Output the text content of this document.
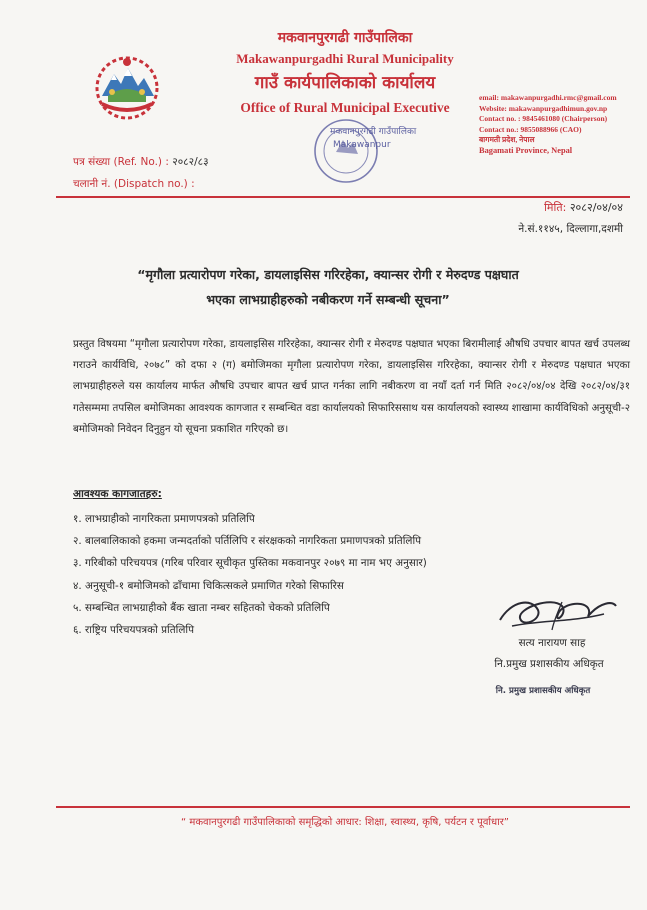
मकवानपुरगढी गाउँपालिका
Makawanpurgadhi Rural Municipality
गाउँ कार्यपालिकाको कार्यालय
Office of Rural Municipal Executive
email: makawanpurgadhi.rmc@gmail.com
Website: makawanpurgadhimun.gov.np
Contact no. : 9845461080 (Chairperson)
Contact no.: 9855088966 (CAO)
बागमती प्रदेश, नेपाल
Bagamati Province, Nepal
मकवानपुरगढी गाउँपालिका
Makawanpur
पत्र संख्या (Ref. No.) : २०८२/८३
चलानी नं. (Dispatch no.) :
मिति: २०८२/०४/०४
ने.सं.११४५, दिल्लागा,दशमी
“मृगौला प्रत्यारोपण गरेका, डायलाइसिस गरिरहेका, क्यान्सर रोगी र मेरुदण्ड पक्षघात
भएका लाभग्राहीहरुको नबीकरण गर्ने सम्बन्धी सूचना”

प्रस्तुत विषयमा “मृगौला प्रत्यारोपण गरेका, डायलाइसिस गरिरहेका, क्यान्सर रोगी र मेरुदण्ड पक्षघात भएका बिरामीलाई औषधि उपचार बापत खर्च उपलब्ध गराउने कार्यविधि, २०७८” को दफा २ (ग) बमोजिमका मृगौला प्रत्यारोपण गरेका, डायलाइसिस गरिरहेका, क्यान्सर रोगी र मेरुदण्ड पक्षघात भएका लाभग्राहीहरुले यस कार्यालय मार्फत औषधि उपचार बापत खर्च प्राप्त गर्नका लागि नबीकरण वा नयाँ दर्ता गर्न मिति २०८२/०४/०४ देखि २०८२/०४/३१ गतेसम्ममा तपसिल बमोजिमका आवश्यक कागजात र सम्बन्धित वडा कार्यालयको सिफारिससाथ यस कार्यालयको स्वास्थ्य शाखामा कार्यविधिको अनुसूची-२ बमोजिमको निवेदन दिनुहुन यो सूचना प्रकाशित गरिएको छ।

आवश्यक कागजातहरु:
१. लाभग्राहीको नागरिकता प्रमाणपत्रको प्रतिलिपि
२. बालबालिकाको हकमा जन्मदर्ताको पर्तिलिपि र संरक्षकको नागरिकता प्रमाणपत्रको प्रतिलिपि
३. गरिबीको परिचयपत्र (गरिब परिवार सूचीकृत पुस्तिका मकवानपुर २०७९ मा नाम भए अनुसार)
४. अनुसूची-१ बमोजिमको ढाँचामा चिकित्सकले प्रमाणित गरेको सिफारिस
५. सम्बन्धित लाभग्राहीको बैंक खाता नम्बर सहितको चेकको प्रतिलिपि
६. राष्ट्रिय परिचयपत्रको प्रतिलिपि
सत्य नारायण साह
नि.प्रमुख प्रशासकीय अधिकृत
नि. प्रमुख प्रशासकीय अधिकृत
“ मकवानपुरगढी गाउँपालिकाको समृद्धिको आधार: शिक्षा, स्वास्थ्य, कृषि, पर्यटन र पूर्वाधार”
